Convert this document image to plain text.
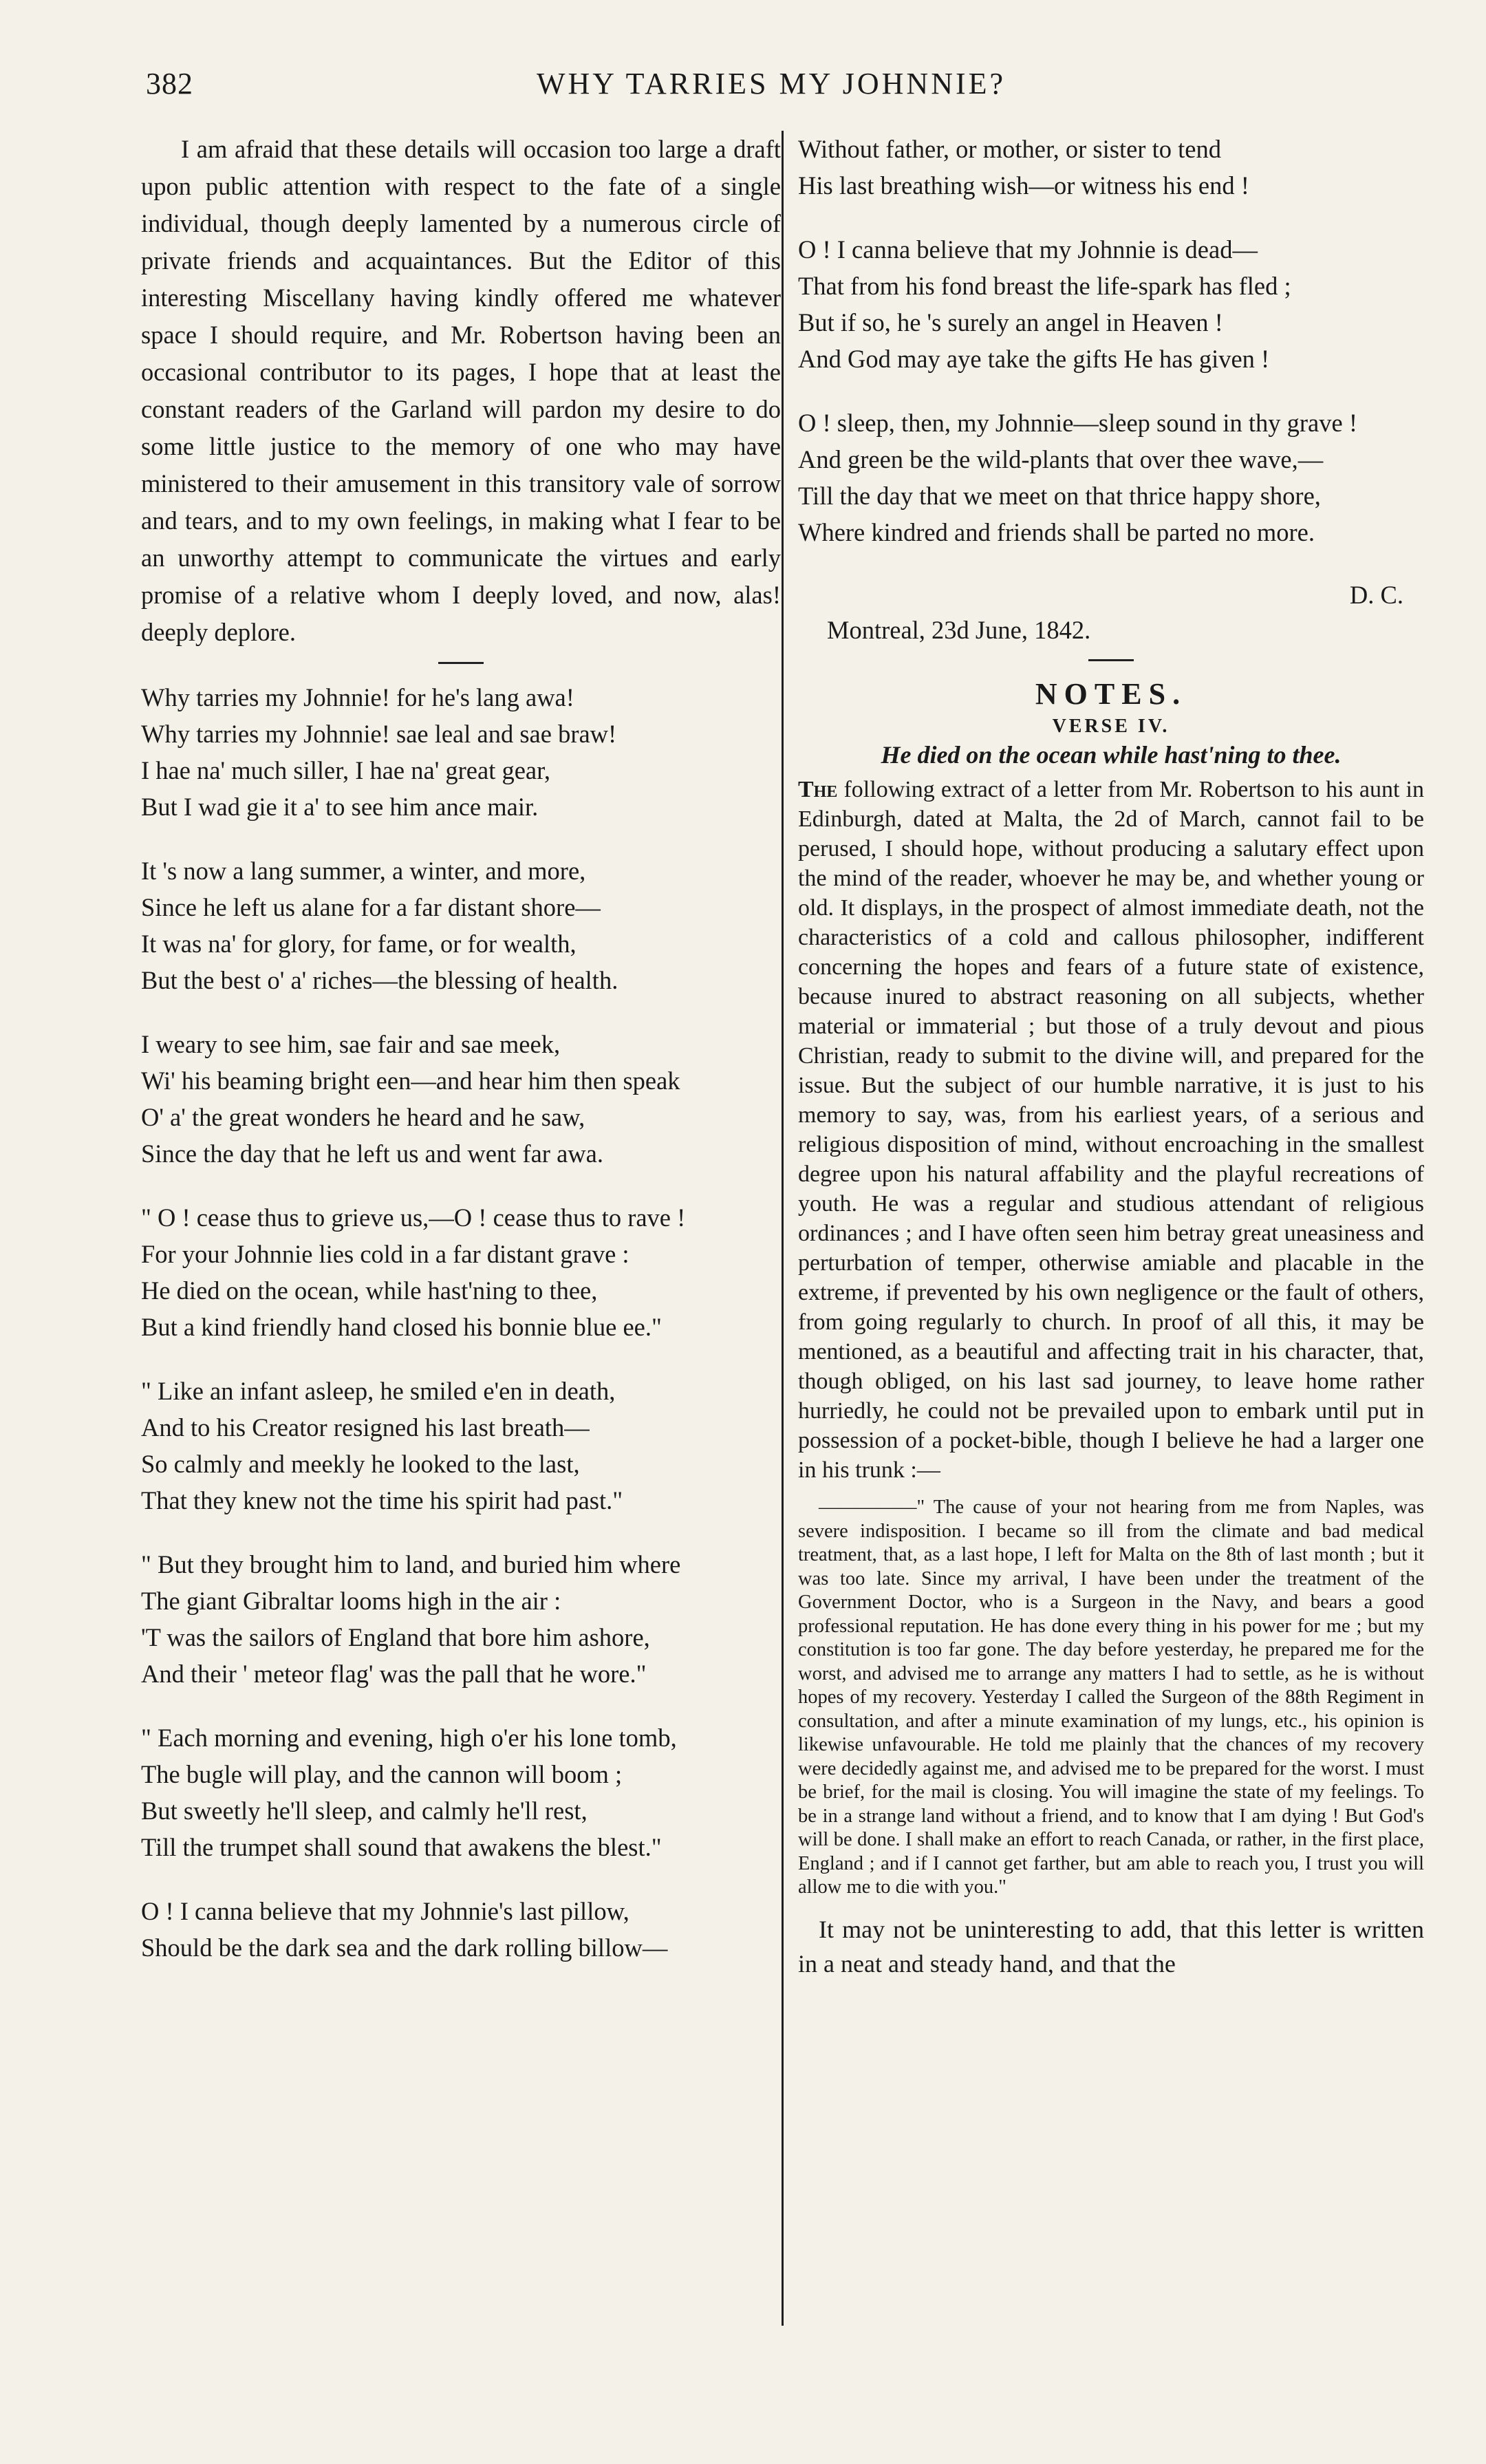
382	WHY TARRIES MY JOHNNIE?

I am afraid that these details will occasion too large a draft upon public attention with respect to the fate of a single individual, though deeply lamented by a numerous circle of private friends and acquaintances. But the Editor of this interesting Miscellany having kindly offered me whatever space I should require, and Mr. Robertson having been an occasional contributor to its pages, I hope that at least the constant readers of the Garland will pardon my desire to do some little justice to the memory of one who may have ministered to their amusement in this transitory vale of sorrow and tears, and to my own feelings, in making what I fear to be an unworthy attempt to communicate the virtues and early promise of a relative whom I deeply loved, and now, alas! deeply deplore.

Why tarries my Johnnie! for he's lang awa!

Why tarries my Johnnie! sae leal and sae braw!

I hae na' much siller, I hae na' great gear,

But I wad gie it a' to see him ance mair.

It 's now a lang summer, a winter, and more,

Since he left us alane for a far distant shore—

It was na' for glory, for fame, or for wealth,

But the best o' a' riches—the blessing of health.

I weary to see him, sae fair and sae meek,

Wi' his beaming bright een—and hear him then speak

O' a' the great wonders he heard and he saw,

Since the day that he left us and went far awa.

" O ! cease thus to grieve us,—O ! cease thus to rave !

For your Johnnie lies cold in a far distant grave :

He died on the ocean, while hast'ning to thee,

But a kind friendly hand closed his bonnie blue ee."

" Like an infant asleep, he smiled e'en in death,

And to his Creator resigned his last breath—

So calmly and meekly he looked to the last,

That they knew not the time his spirit had past."

" But they brought him to land, and buried him where

The giant Gibraltar looms high in the air :

'T was the sailors of England that bore him ashore,

And their ' meteor flag' was the pall that he wore."

" Each morning and evening, high o'er his lone tomb,

The bugle will play, and the cannon will boom ;

But sweetly he'll sleep, and calmly he'll rest,

Till the trumpet shall sound that awakens the blest."

O ! I canna believe that my Johnnie's last pillow,

Should be the dark sea and the dark rolling billow—

Without father, or mother, or sister to tend

His last breathing wish—or witness his end !

O ! I canna believe that my Johnnie is dead—

That from his fond breast the life-spark has fled ;

But if so, he 's surely an angel in Heaven !

And God may aye take the gifts He has given !

O ! sleep, then, my Johnnie—sleep sound in thy grave !

And green be the wild-plants that over thee wave,—

Till the day that we meet on that thrice happy shore,

Where kindred and friends shall be parted no more.

D. C.

Montreal, 23d June, 1842.

NOTES.
VERSE IV.
He died on the ocean while hast'ning to thee.

The following extract of a letter from Mr. Robertson to his aunt in Edinburgh, dated at Malta, the 2d of March, cannot fail to be perused, I should hope, without producing a salutary effect upon the mind of the reader, whoever he may be, and whether young or old. It displays, in the prospect of almost immediate death, not the characteristics of a cold and callous philosopher, indifferent concerning the hopes and fears of a future state of existence, because inured to abstract reasoning on all subjects, whether material or immaterial ; but those of a truly devout and pious Christian, ready to submit to the divine will, and prepared for the issue. But the subject of our humble narrative, it is just to his memory to say, was, from his earliest years, of a serious and religious disposition of mind, without encroaching in the smallest degree upon his natural affability and the playful recreations of youth. He was a regular and studious attendant of religious ordinances ; and I have often seen him betray great uneasiness and perturbation of temper, otherwise amiable and placable in the extreme, if prevented by his own negligence or the fault of others, from going regularly to church. In proof of all this, it may be mentioned, as a beautiful and affecting trait in his character, that, though obliged, on his last sad journey, to leave home rather hurriedly, he could not be prevailed upon to embark until put in possession of a pocket-bible, though I believe he had a larger one in his trunk :—

—————" The cause of your not hearing from me from Naples, was severe indisposition. I became so ill from the climate and bad medical treatment, that, as a last hope, I left for Malta on the 8th of last month ; but it was too late. Since my arrival, I have been under the treatment of the Government Doctor, who is a Surgeon in the Navy, and bears a good professional reputation. He has done every thing in his power for me ; but my constitution is too far gone. The day before yesterday, he prepared me for the worst, and advised me to arrange any matters I had to settle, as he is without hopes of my recovery. Yesterday I called the Surgeon of the 88th Regiment in consultation, and after a minute examination of my lungs, etc., his opinion is likewise unfavourable. He told me plainly that the chances of my recovery were decidedly against me, and advised me to be prepared for the worst. I must be brief, for the mail is closing. You will imagine the state of my feelings. To be in a strange land without a friend, and to know that I am dying ! But God's will be done. I shall make an effort to reach Canada, or rather, in the first place, England ; and if I cannot get farther, but am able to reach you, I trust you will allow me to die with you."

It may not be uninteresting to add, that this letter is written in a neat and steady hand, and that the
